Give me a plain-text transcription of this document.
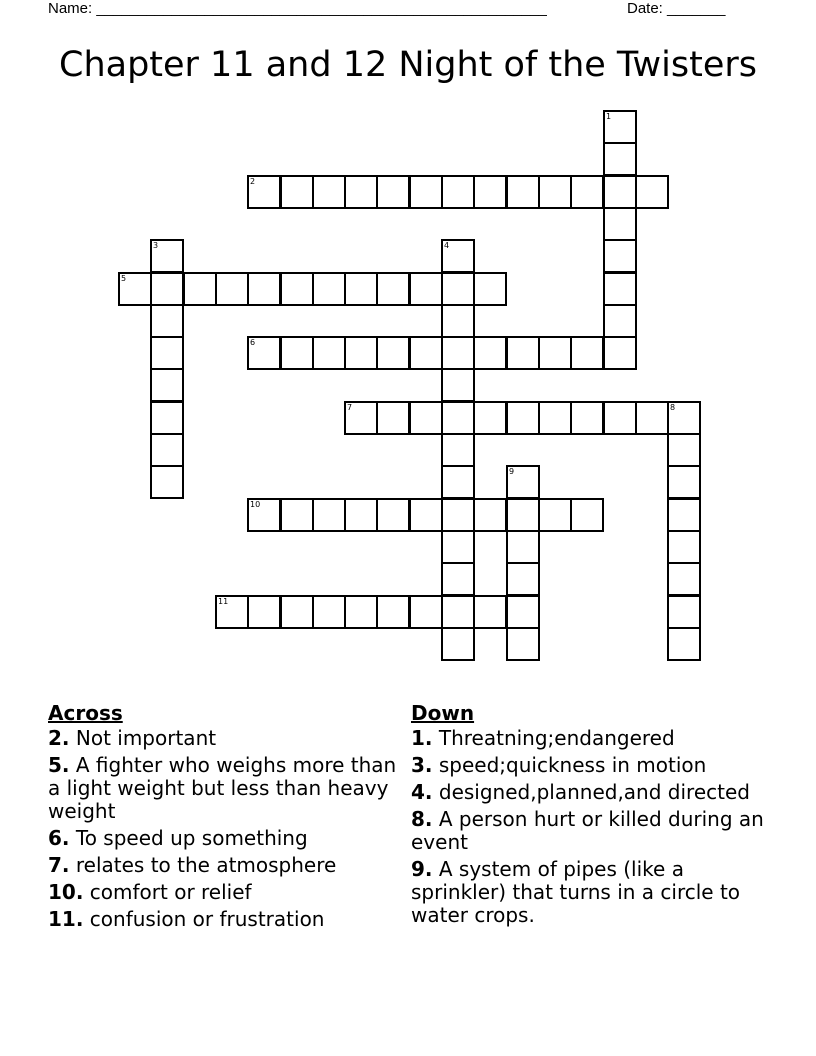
Name: ______________________________________________________	Date: _______
Chapter 11 and 12 Night of the Twisters
1
2
3	4
5
6
7	8
9
10
11
Across
2. Not important
5. A fighter who weighs more than a light weight but less than heavy weight
6. To speed up something
7. relates to the atmosphere
10. comfort or relief
11. confusion or frustration
Down
1. Threatning;endangered
3. speed;quickness in motion
4. designed,planned,and directed
8. A person hurt or killed during an event
9. A system of pipes (like a sprinkler) that turns in a circle to water crops.
